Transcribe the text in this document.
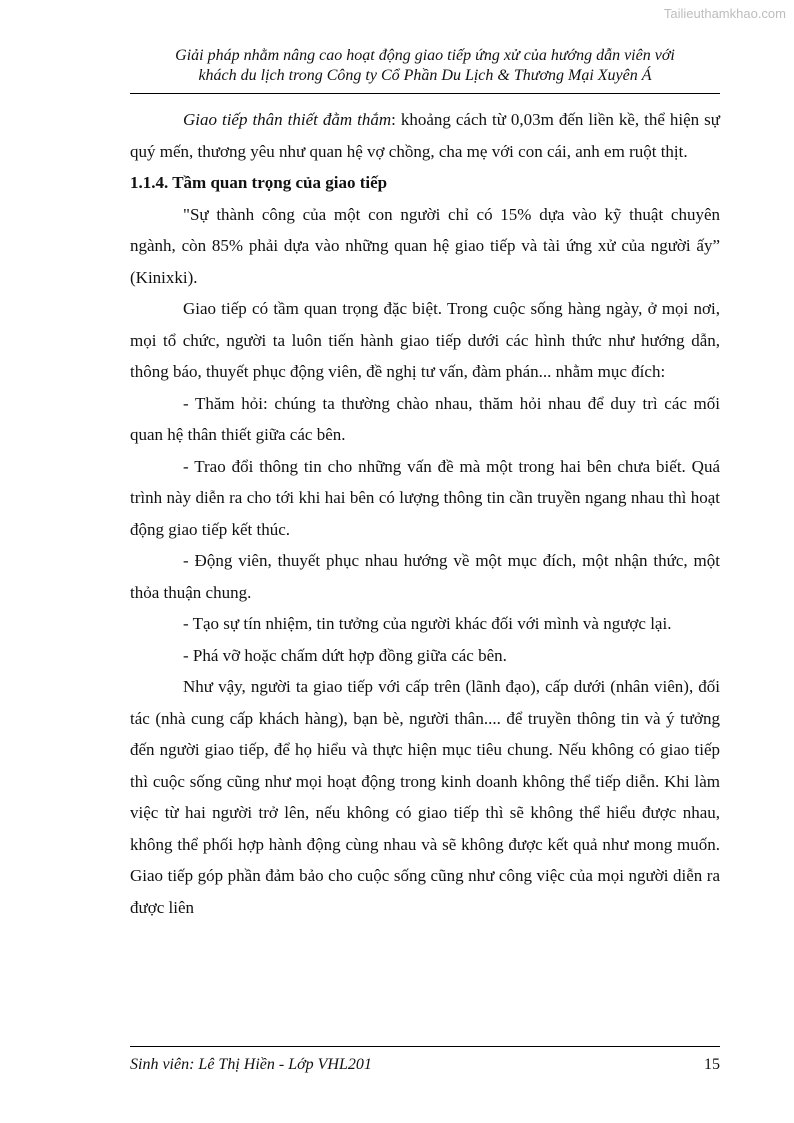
Tailieuthamkhao.com
Giải pháp nhằm nâng cao hoạt động giao tiếp ứng xử của hướng dẫn viên với
khách du lịch trong Công ty Cổ Phần Du Lịch & Thương Mại Xuyên Á

Giao tiếp thân thiết đằm thắm: khoảng cách từ 0,03m đến liền kề, thể hiện sự quý mến, thương yêu như quan hệ vợ chồng, cha mẹ với con cái, anh em ruột thịt.

1.1.4. Tầm quan trọng của giao tiếp

"Sự thành công của một con người chỉ có 15% dựa vào kỹ thuật chuyên ngành, còn 85% phải dựa vào những quan hệ giao tiếp và tài ứng xử của người ấy” (Kinixki).

Giao tiếp có tầm quan trọng đặc biệt. Trong cuộc sống hàng ngày, ở mọi nơi, mọi tổ chức, người ta luôn tiến hành giao tiếp dưới các hình thức như hướng dẫn, thông báo, thuyết phục động viên, đề nghị tư vấn, đàm phán... nhằm mục đích:

- Thăm hỏi: chúng ta thường chào nhau, thăm hỏi nhau để duy trì các mối quan hệ thân thiết giữa các bên.

- Trao đổi thông tin cho những vấn đề mà một trong hai bên chưa biết. Quá trình này diễn ra cho tới khi hai bên có lượng thông tin cần truyền ngang nhau thì hoạt động giao tiếp kết thúc.

- Động viên, thuyết phục nhau hướng về một mục đích, một nhận thức, một thỏa thuận chung.

- Tạo sự tín nhiệm, tin tưởng của người khác đối với mình và ngược lại.

- Phá vỡ hoặc chấm dứt hợp đồng giữa các bên.

Như vậy, người ta giao tiếp với cấp trên (lãnh đạo), cấp dưới (nhân viên), đối tác (nhà cung cấp khách hàng), bạn bè, người thân.... để truyền thông tin và ý tưởng đến người giao tiếp, để họ hiểu và thực hiện mục tiêu chung. Nếu không có giao tiếp thì cuộc sống cũng như mọi hoạt động trong kinh doanh không thể tiếp diễn. Khi làm việc từ hai người trở lên, nếu không có giao tiếp thì sẽ không thể hiểu được nhau, không thể phối hợp hành động cùng nhau và sẽ không được kết quả như mong muốn. Giao tiếp góp phần đảm bảo cho cuộc sống cũng như công việc của mọi người diễn ra được liên

Sinh viên: Lê Thị Hiền - Lớp VHL201	15
